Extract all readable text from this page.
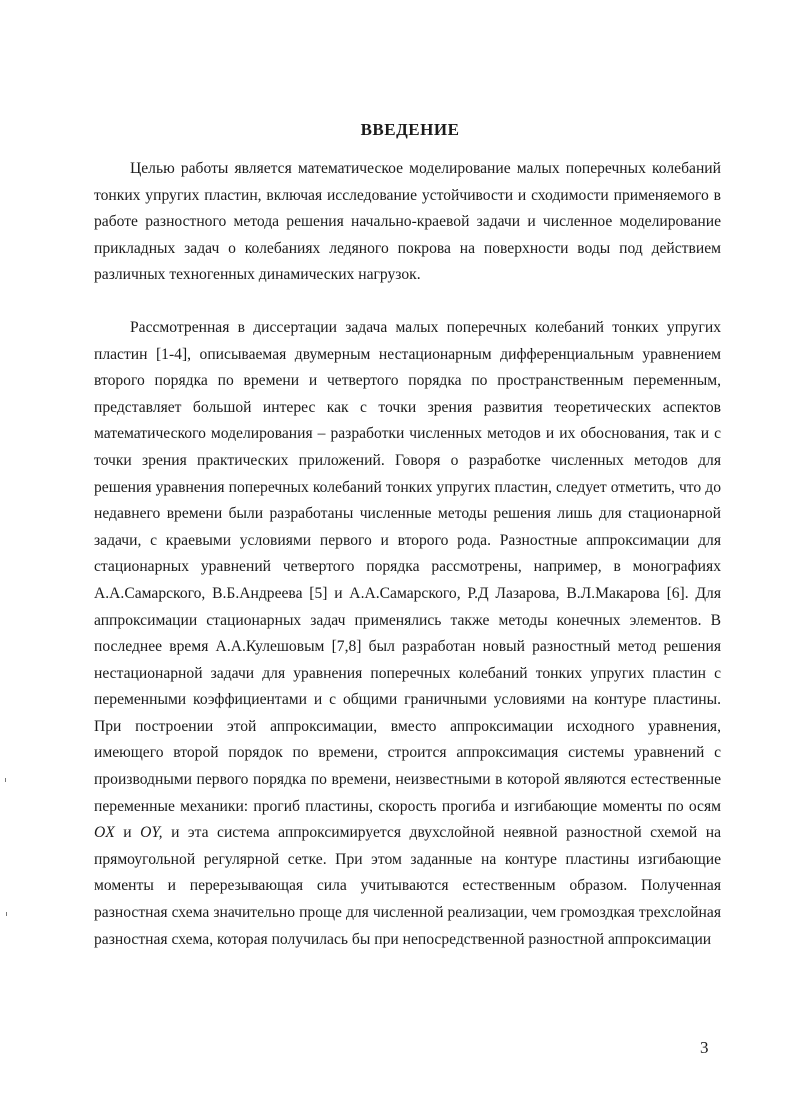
ВВЕДЕНИЕ

Целью работы является математическое моделирование малых поперечных колебаний тонких упругих пластин, включая исследование устойчивости и сходимости применяемого в работе разностного метода решения начально-краевой задачи и численное моделирование прикладных задач о колебаниях ледяного покрова на поверхности воды под действием различных техногенных динамических нагрузок.

Рассмотренная в диссертации задача малых поперечных колебаний тонких упругих пластин [1-4], описываемая двумерным нестационарным дифференциальным уравнением второго порядка по времени и четвертого порядка по пространственным переменным, представляет большой интерес как с точки зрения развития теоретических аспектов математического моделирования – разработки численных методов и их обоснования, так и с точки зрения практических приложений. Говоря о разработке численных методов для решения уравнения поперечных колебаний тонких упругих пластин, следует отметить, что до недавнего времени были разработаны численные методы решения лишь для стационарной задачи, с краевыми условиями первого и второго рода. Разностные аппроксимации для стационарных уравнений четвертого порядка рассмотрены, например, в монографиях А.А.Самарского, В.Б.Андреева [5] и А.А.Самарского, Р.Д Лазарова, В.Л.Макарова [6]. Для аппроксимации стационарных задач применялись также методы конечных элементов. В последнее время А.А.Кулешовым [7,8] был разработан новый разностный метод решения нестационарной задачи для уравнения поперечных колебаний тонких упругих пластин с переменными коэффициентами и с общими граничными условиями на контуре пластины. При построении этой аппроксимации, вместо аппроксимации исходного уравнения, имеющего второй порядок по времени, строится аппроксимация системы уравнений с производными первого порядка по времени, неизвестными в которой являются естественные переменные механики: прогиб пластины, скорость прогиба и изгибающие моменты по осям OX и OY, и эта система аппроксимируется двухслойной неявной разностной схемой на прямоугольной регулярной сетке. При этом заданные на контуре пластины изгибающие моменты и перерезывающая сила учитываются естественным образом. Полученная разностная схема значительно проще для численной реализации, чем громоздкая трехслойная разностная схема, которая получилась бы при непосредственной разностной аппроксимации

3
